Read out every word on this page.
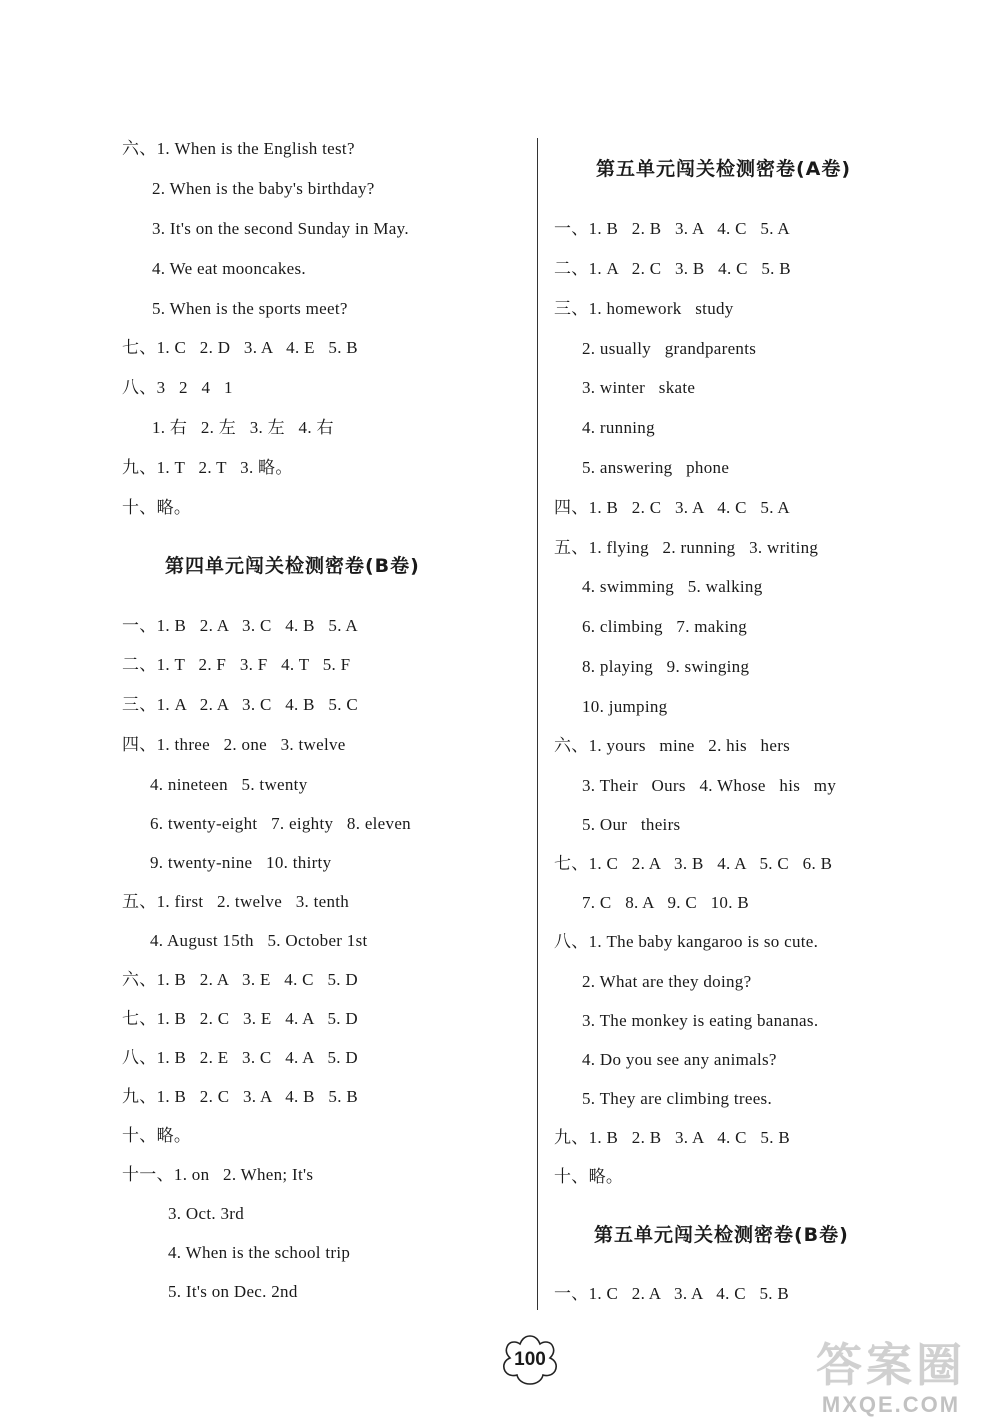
六、1. When is the English test?
2. When is the baby's birthday?
3. It's on the second Sunday in May.
4. We eat mooncakes.
5. When is the sports meet?
七、1. C   2. D   3. A   4. E   5. B
八、3   2   4   1
1. 右   2. 左   3. 左   4. 右
九、1. T   2. T   3. 略。
十、略。
第四单元闯关检测密卷(B卷)
一、1. B   2. A   3. C   4. B   5. A
二、1. T   2. F   3. F   4. T   5. F
三、1. A   2. A   3. C   4. B   5. C
四、1. three   2. one   3. twelve
4. nineteen   5. twenty
6. twenty-eight   7. eighty   8. eleven
9. twenty-nine   10. thirty
五、1. first   2. twelve   3. tenth
4. August 15th   5. October 1st
六、1. B   2. A   3. E   4. C   5. D
七、1. B   2. C   3. E   4. A   5. D
八、1. B   2. E   3. C   4. A   5. D
九、1. B   2. C   3. A   4. B   5. B
十、略。
十一、1. on   2. When; It's
3. Oct. 3rd
4. When is the school trip
5. It's on Dec. 2nd
第五单元闯关检测密卷(A卷)
一、1. B   2. B   3. A   4. C   5. A
二、1. A   2. C   3. B   4. C   5. B
三、1. homework   study
2. usually   grandparents
3. winter   skate
4. running
5. answering   phone
四、1. B   2. C   3. A   4. C   5. A
五、1. flying   2. running   3. writing
4. swimming   5. walking
6. climbing   7. making
8. playing   9. swinging
10. jumping
六、1. yours   mine   2. his   hers
3. Their   Ours   4. Whose   his   my
5. Our   theirs
七、1. C   2. A   3. B   4. A   5. C   6. B
7. C   8. A   9. C   10. B
八、1. The baby kangaroo is so cute.
2. What are they doing?
3. The monkey is eating bananas.
4. Do you see any animals?
5. They are climbing trees.
九、1. B   2. B   3. A   4. C   5. B
十、略。
第五单元闯关检测密卷(B卷)
一、1. C   2. A   3. A   4. C   5. B
100	答案圈
MXQE.COM
